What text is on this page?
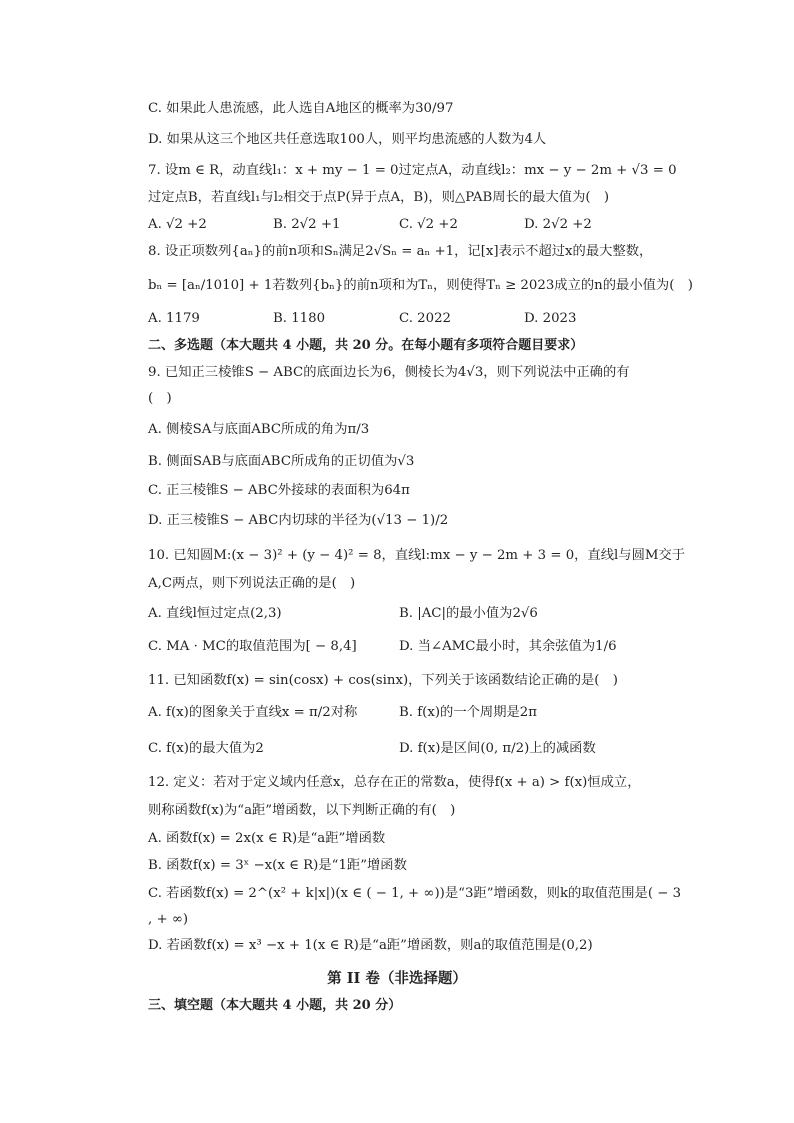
C. 如果此人患流感，此人选自A地区的概率为30/97
D. 如果从这三个地区共任意选取100人，则平均患流感的人数为4人
7. 设m ∈ R，动直线l₁：x + my − 1 = 0过定点A，动直线l₂：mx − y − 2m + √3 = 0
过定点B，若直线l₁与l₂相交于点P(异于点A，B)，则△PAB周长的最大值为(　)
A. √2 +2	B. 2√2 +1	C. √2 +2	D. 2√2 +2
8. 设正项数列{aₙ}的前n项和Sₙ满足2√Sₙ = aₙ +1，记[x]表示不超过x的最大整数，
bₙ = [aₙ/1010] + 1若数列{bₙ}的前n项和为Tₙ，则使得Tₙ ≥ 2023成立的n的最小值为(　)
A. 1179	B. 1180	C. 2022	D. 2023
二、多选题（本大题共 4 小题，共 20 分。在每小题有多项符合题目要求）
9. 已知正三棱锥S − ABC的底面边长为6，侧棱长为4√3，则下列说法中正确的有
(　)
A. 侧棱SA与底面ABC所成的角为π/3
B. 侧面SAB与底面ABC所成角的正切值为√3
C. 正三棱锥S − ABC外接球的表面积为64π
D. 正三棱锥S − ABC内切球的半径为(√13 − 1)/2
10. 已知圆M:(x − 3)² + (y − 4)² = 8，直线l:mx − y − 2m + 3 = 0，直线l与圆M交于
A,C两点，则下列说法正确的是(　)
A. 直线l恒过定点(2,3)	B. |AC|的最小值为2√6
C. MA · MC的取值范围为[ − 8,4]	D. 当∠AMC最小时，其余弦值为1/6
11. 已知函数f(x) = sin(cosx) + cos(sinx)，下列关于该函数结论正确的是(　)
A. f(x)的图象关于直线x = π/2对称	B. f(x)的一个周期是2π
C. f(x)的最大值为2	D. f(x)是区间(0, π/2)上的减函数
12. 定义：若对于定义域内任意x，总存在正的常数a，使得f(x + a) > f(x)恒成立，
则称函数f(x)为“a距”增函数，以下判断正确的有(　)
A. 函数f(x) = 2x(x ∈ R)是“a距”增函数
B. 函数f(x) = 3ˣ −x(x ∈ R)是“1距”增函数
C. 若函数f(x) = 2^(x² + k|x|)(x ∈ ( − 1, + ∞))是“3距”增函数，则k的取值范围是( − 3
, + ∞)
D. 若函数f(x) = x³ −x + 1(x ∈ R)是“a距”增函数，则a的取值范围是(0,2)
第 II 卷（非选择题）
三、填空题（本大题共 4 小题，共 20 分）
